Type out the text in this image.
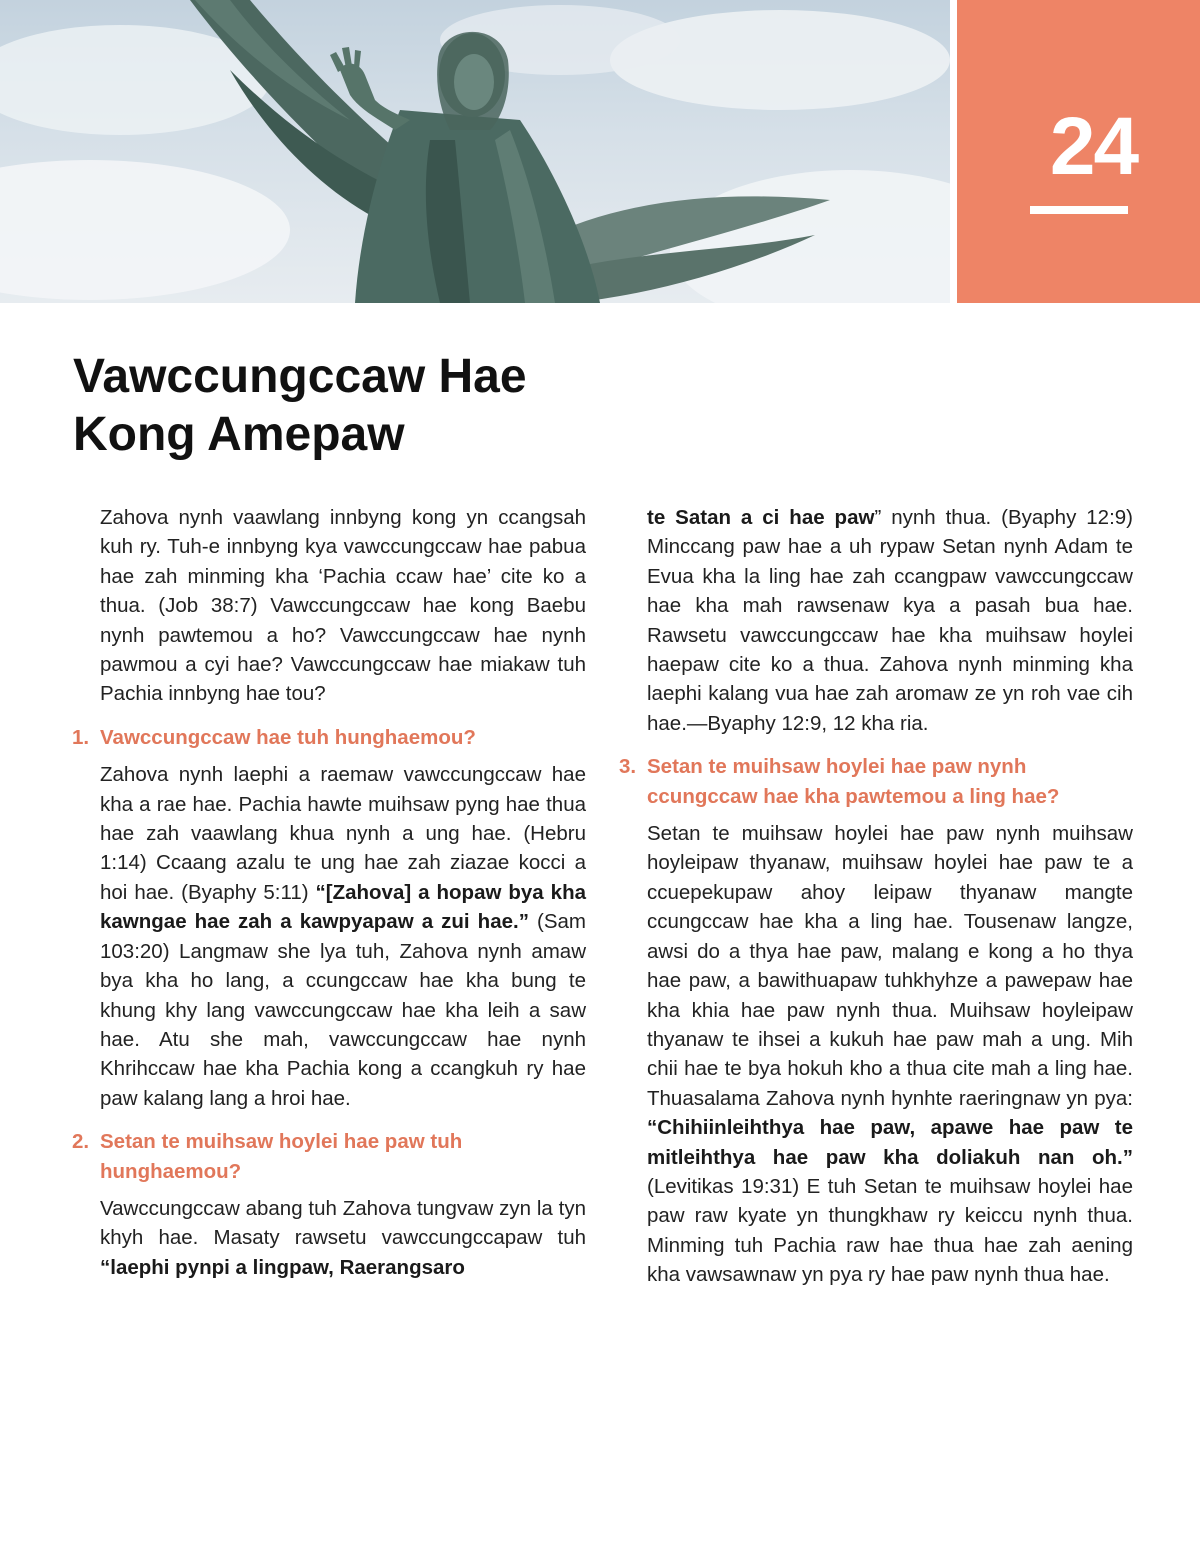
24
Vawccungccaw Hae
Kong Amepaw

Zahova nynh vaawlang innbyng kong yn ccangsah kuh ry. Tuh-e innbyng kya vawccungccaw hae pabua hae zah minming kha ‘Pachia ccaw hae’ cite ko a thua. (Job 38:7) Vawccungccaw hae kong Baebu nynh pawtemou a ho? Vawccungccaw hae nynh pawmou a cyi hae? Vawccungccaw hae miakaw tuh Pachia innbyng hae tou?

1. Vawccungccaw hae tuh hunghaemou?

Zahova nynh laephi a raemaw vawccungccaw hae kha a rae hae. Pachia hawte muihsaw pyng hae thua hae zah vaawlang khua nynh a ung hae. (Hebru 1:14) Ccaang azalu te ung hae zah ziazae kocci a hoi hae. (Byaphy 5:11) “[Zahova] a hopaw bya kha kawngae hae zah a kawpyapaw a zui hae.” (Sam 103:20) Langmaw she lya tuh, Zahova nynh amaw bya kha ho lang, a ccungccaw hae kha bung te khung khy lang vawccungccaw hae kha leih a saw hae. Atu she mah, vawccungccaw hae nynh Khrihccaw hae kha Pachia kong a ccangkuh ry hae paw kalang lang a hroi hae.

2. Setan te muihsaw hoylei hae paw tuh hunghaemou?

Vawccungccaw abang tuh Zahova tungvaw zyn la tyn khyh hae. Masaty rawsetu vawccungccapaw tuh “laephi pynpi a lingpaw, Raerangsaro

te Satan a ci hae paw” nynh thua. (Byaphy 12:9) Minccang paw hae a uh rypaw Setan nynh Adam te Evua kha la ling hae zah ccangpaw vawccungccaw hae kha mah rawsenaw kya a pasah bua hae. Rawsetu vawccungccaw hae kha muihsaw hoylei haepaw cite ko a thua. Zahova nynh minming kha laephi kalang vua hae zah aromaw ze yn roh vae cih hae.—Byaphy 12:9, 12 kha ria.

3. Setan te muihsaw hoylei hae paw nynh ccungccaw hae kha pawtemou a ling hae?

Setan te muihsaw hoylei hae paw nynh muihsaw hoyleipaw thyanaw, muihsaw hoylei hae paw te a ccuepekupaw ahoy leipaw thyanaw mangte ccungccaw hae kha a ling hae. Tousenaw langze, awsi do a thya hae paw, malang e kong a ho thya hae paw, a bawithuapaw tuhkhyhze a pawepaw hae kha khia hae paw nynh thua. Muihsaw hoyleipaw thyanaw te ihsei a kukuh hae paw mah a ung. Mih chii hae te bya hokuh kho a thua cite mah a ling hae. Thuasalama Zahova nynh hynhte raeringnaw yn pya: “Chihiinleihthya hae paw, apawe hae paw te mitleihthya hae paw kha doliakuh nan oh.” (Levitikas 19:31) E tuh Setan te muihsaw hoylei hae paw raw kyate yn thungkhaw ry keiccu nynh thua. Minming tuh Pachia raw hae thua hae zah aening kha vawsawnaw yn pya ry hae paw nynh thua hae.
